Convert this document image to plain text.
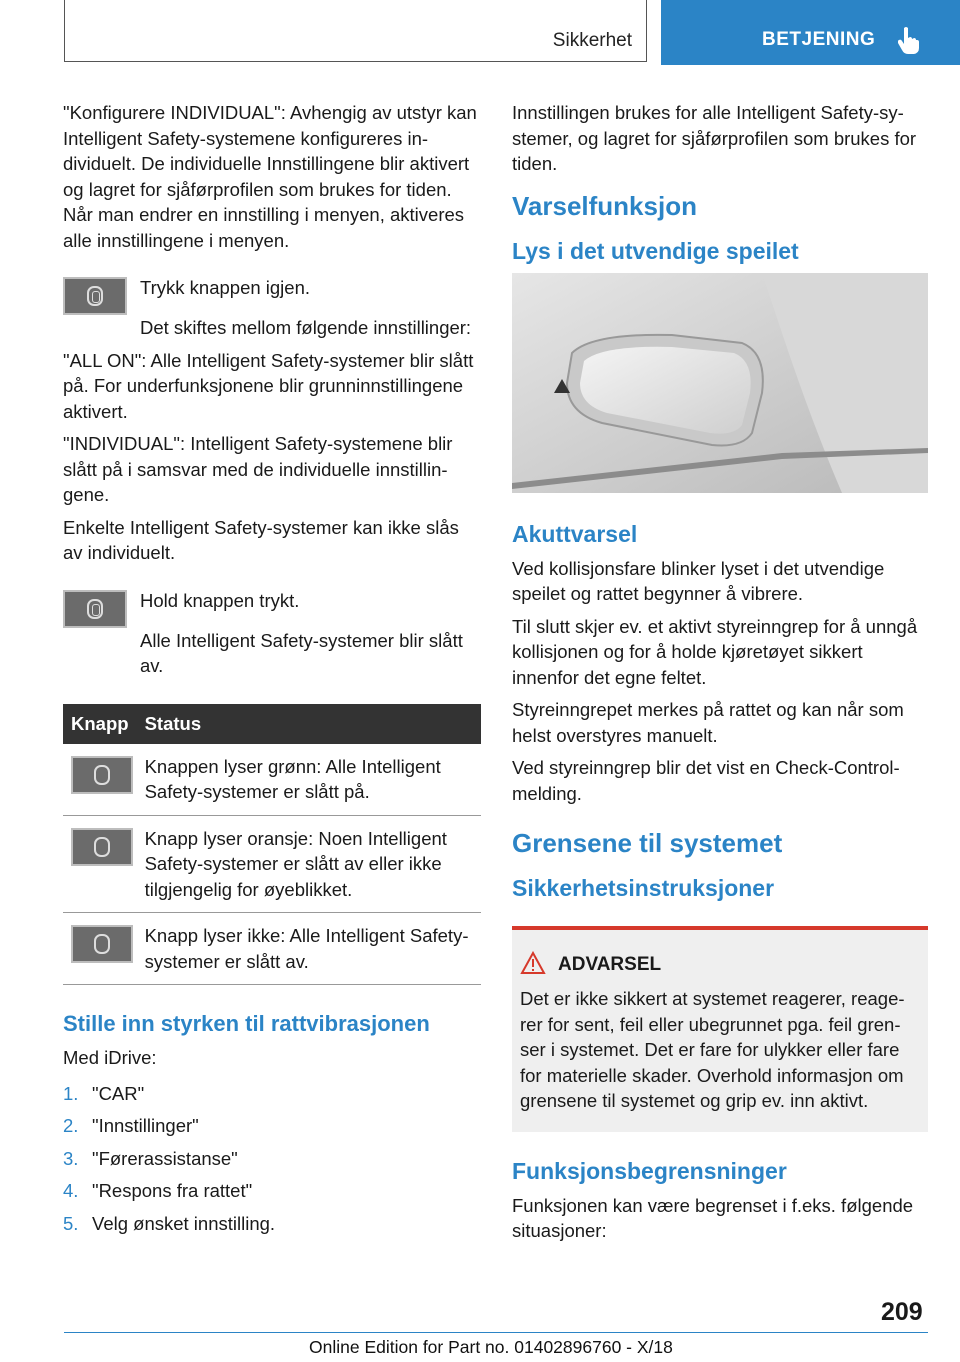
Sikkerhet	BETJENING

"Konfigurere INDIVIDUAL": Avhengig av utstyr kan Intelligent Safety-systemene konfigureres individuelt. De individuelle Innstillingene blir aktivert og lagret for sjåførprofilen som brukes for tiden. Når man endrer en innstilling i menyen, aktiveres alle innstillingene i menyen.

Trykk knappen igjen.

Det skiftes mellom følgende innstillinger:

"ALL ON": Alle Intelligent Safety-systemer blir slått på. For underfunksjonene blir grunninnstillingene aktivert.

"INDIVIDUAL": Intelligent Safety-systemene blir slått på i samsvar med de individuelle innstillingene.

Enkelte Intelligent Safety-systemer kan ikke slås av individuelt.

Hold knappen trykt.

Alle Intelligent Safety-systemer blir slått av.

Knapp	Status

	Knappen lyser grønn: Alle Intelligent Safety-systemer er slått på.

	Knapp lyser oransje: Noen Intelligent Safety-systemer er slått av eller ikke tilgjengelig for øyeblikket.

	Knapp lyser ikke: Alle Intelligent Safety-systemer er slått av.
Stille inn styrken til rattvibrasjonen

Med iDrive:

1. "CAR"
2. "Innstillinger"
3. "Førerassistanse"
4. "Respons fra rattet"
5. Velg ønsket innstilling.

Innstillingen brukes for alle Intelligent Safety-systemer, og lagret for sjåførprofilen som brukes for tiden.

Varselfunksjon
Lys i det utvendige speilet
Akuttvarsel

Ved kollisjonsfare blinker lyset i det utvendige speilet og rattet begynner å vibrere.

Til slutt skjer ev. et aktivt styreinngrep for å unngå kollisjonen og for å holde kjøretøyet sikkert innenfor det egne feltet.

Styreinngrepet merkes på rattet og kan når som helst overstyres manuelt.

Ved styreinngrep blir det vist en Check-Control-melding.

Grensene til systemet
Sikkerhetsinstruksjoner
ADVARSEL

Det er ikke sikkert at systemet reagerer, reagerer for sent, feil eller ubegrunnet pga. feil grenser i systemet. Det er fare for ulykker eller fare for materielle skader. Overhold informasjon om grensene til systemet og grip ev. inn aktivt.

Funksjonsbegrensninger

Funksjonen kan være begrenset i f.eks. følgende situasjoner:

209
Online Edition for Part no. 01402896760 - X/18
